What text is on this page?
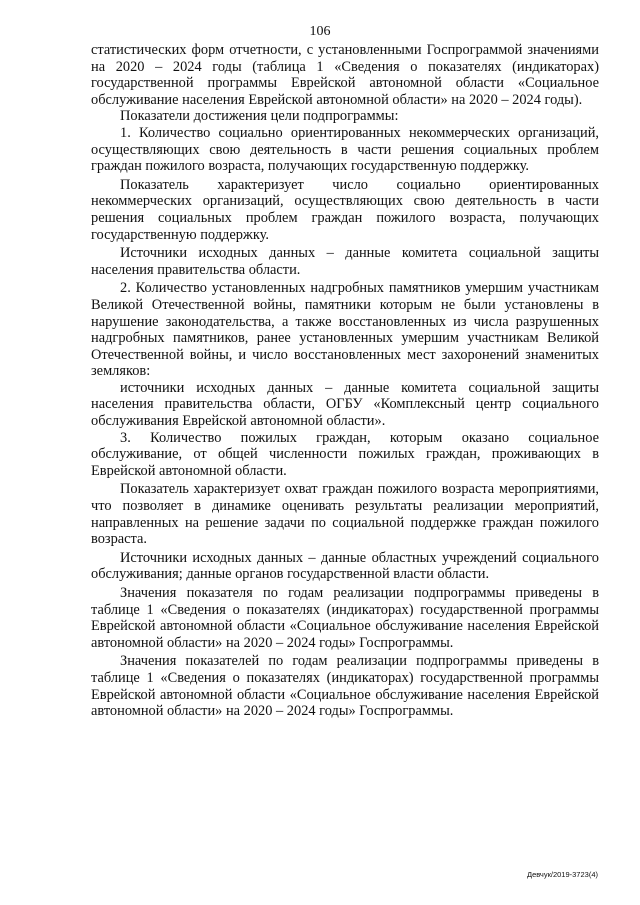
106

статистических форм отчетности, с установленными Госпрограммой значениями на 2020 – 2024 годы (таблица 1 «Сведения о показателях (индикаторах) государственной программы Еврейской автономной области «Социальное обслуживание населения Еврейской автономной области» на 2020 – 2024 годы).

Показатели достижения цели подпрограммы:

1. Количество социально ориентированных некоммерческих организаций, осуществляющих свою деятельность в части решения социальных проблем граждан пожилого возраста, получающих государственную поддержку.

Показатель характеризует число социально ориентированных некоммерческих организаций, осуществляющих свою деятельность в части решения социальных проблем граждан пожилого возраста, получающих государственную поддержку.

Источники исходных данных – данные комитета социальной защиты населения правительства области.

2. Количество установленных надгробных памятников умершим участникам Великой Отечественной войны, памятники которым не были установлены в нарушение законодательства, а также восстановленных из числа разрушенных надгробных памятников, ранее установленных умершим участникам Великой Отечественной войны, и число восстановленных мест захоронений знаменитых земляков:

источники исходных данных – данные комитета социальной защиты населения правительства области, ОГБУ «Комплексный центр социального обслуживания Еврейской автономной области».

3. Количество пожилых граждан, которым оказано социальное обслуживание, от общей численности пожилых граждан, проживающих в Еврейской автономной области.

Показатель характеризует охват граждан пожилого возраста мероприятиями, что позволяет в динамике оценивать результаты реализации мероприятий, направленных на решение задачи по социальной поддержке граждан пожилого возраста.

Источники исходных данных – данные областных учреждений социального обслуживания; данные органов государственной власти области.

Значения показателя по годам реализации подпрограммы приведены в таблице 1 «Сведения о показателях (индикаторах) государственной программы Еврейской автономной области «Социальное обслуживание населения Еврейской автономной области» на 2020 – 2024 годы» Госпрограммы.

Значения показателей по годам реализации подпрограммы приведены в таблице 1 «Сведения о показателях (индикаторах) государственной программы Еврейской автономной области «Социальное обслуживание населения Еврейской автономной области» на 2020 – 2024 годы» Госпрограммы.

Девчук/2019-3723(4)
